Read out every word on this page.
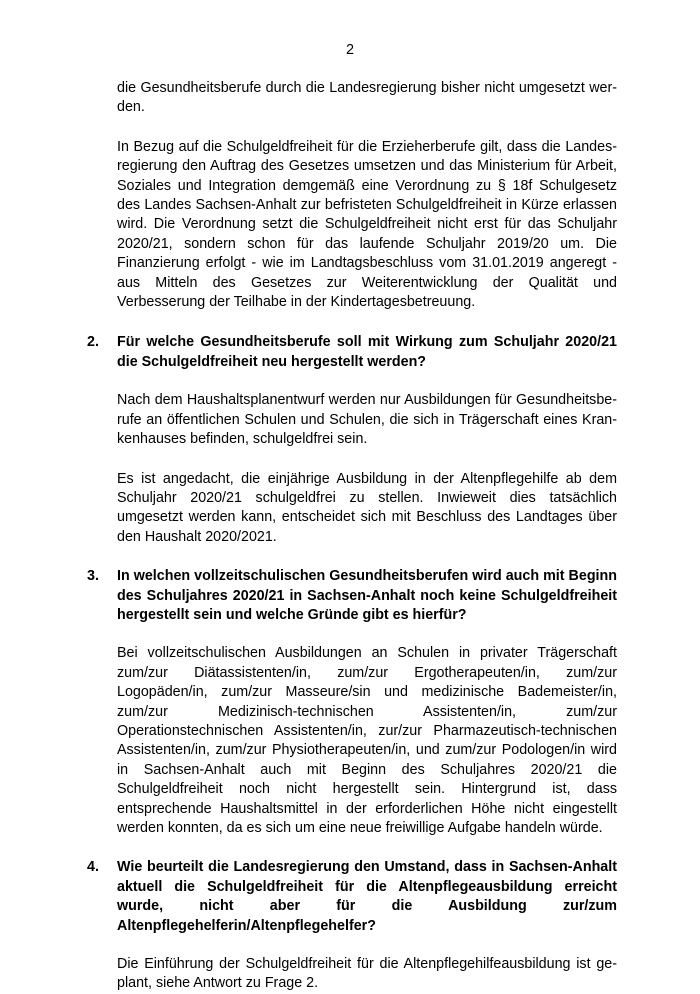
2

die Gesundheitsberufe durch die Landesregierung bisher nicht umgesetzt werden.

In Bezug auf die Schulgeldfreiheit für die Erzieherberufe gilt, dass die Landesregierung den Auftrag des Gesetzes umsetzen und das Ministerium für Arbeit, Soziales und Integration demgemäß eine Verordnung zu § 18f Schulgesetz des Landes Sachsen-Anhalt zur befristeten Schulgeldfreiheit in Kürze erlassen wird. Die Verordnung setzt die Schulgeldfreiheit nicht erst für das Schuljahr 2020/21, sondern schon für das laufende Schuljahr 2019/20 um. Die Finanzierung erfolgt - wie im Landtagsbeschluss vom 31.01.2019 angeregt - aus Mitteln des Gesetzes zur Weiterentwicklung der Qualität und Verbesserung der Teilhabe in der Kindertagesbetreuung.

2. Für welche Gesundheitsberufe soll mit Wirkung zum Schuljahr 2020/21 die Schulgeldfreiheit neu hergestellt werden?

Nach dem Haushaltsplanentwurf werden nur Ausbildungen für Gesundheitsberufe an öffentlichen Schulen und Schulen, die sich in Trägerschaft eines Krankenhauses befinden, schulgeldfrei sein.

Es ist angedacht, die einjährige Ausbildung in der Altenpflegehilfe ab dem Schuljahr 2020/21 schulgeldfrei zu stellen. Inwieweit dies tatsächlich umgesetzt werden kann, entscheidet sich mit Beschluss des Landtages über den Haushalt 2020/2021.

3. In welchen vollzeitschulischen Gesundheitsberufen wird auch mit Beginn des Schuljahres 2020/21 in Sachsen-Anhalt noch keine Schulgeldfreiheit hergestellt sein und welche Gründe gibt es hierfür?

Bei vollzeitschulischen Ausbildungen an Schulen in privater Trägerschaft zum/zur Diätassistenten/in, zum/zur Ergotherapeuten/in, zum/zur Logopäden/in, zum/zur Masseure/sin und medizinische Bademeister/in, zum/zur Medizinisch-technischen Assistenten/in, zum/zur Operationstechnischen Assistenten/in, zur/zur Pharmazeutisch-technischen Assistenten/in, zum/zur Physiotherapeuten/in, und zum/zur Podologen/in wird in Sachsen-Anhalt auch mit Beginn des Schuljahres 2020/21 die Schulgeldfreiheit noch nicht hergestellt sein. Hintergrund ist, dass entsprechende Haushaltsmittel in der erforderlichen Höhe nicht eingestellt werden konnten, da es sich um eine neue freiwillige Aufgabe handeln würde.

4. Wie beurteilt die Landesregierung den Umstand, dass in Sachsen-Anhalt aktuell die Schulgeldfreiheit für die Altenpflegeausbildung erreicht wurde, nicht aber für die Ausbildung zur/zum Altenpflegehelferin/Altenpflegehelfer?

Die Einführung der Schulgeldfreiheit für die Altenpflegehilfeausbildung ist geplant, siehe Antwort zu Frage 2.
